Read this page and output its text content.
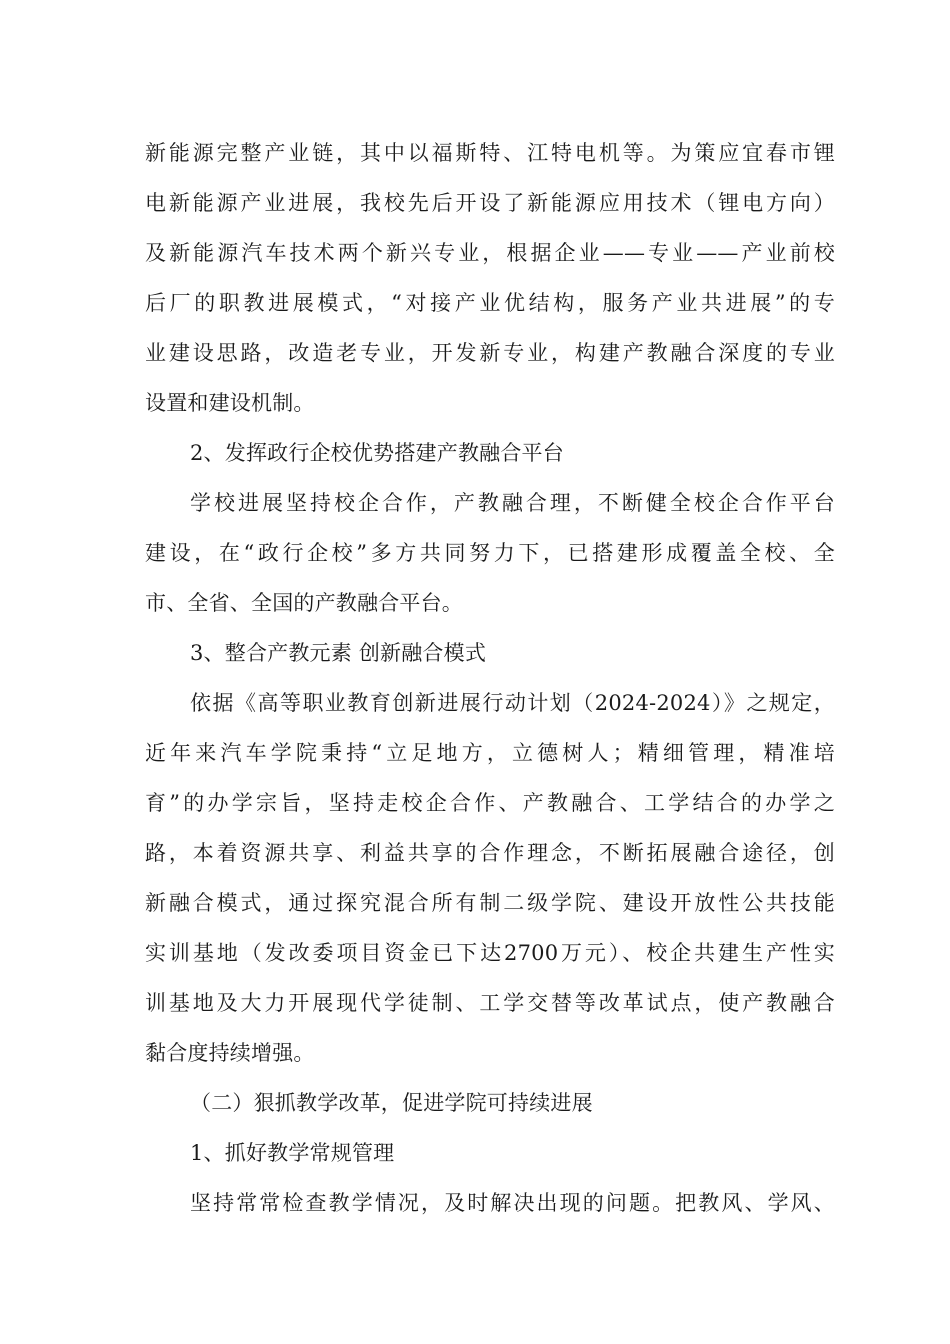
新能源完整产业链，其中以福斯特、江特电机等。为策应宜春市锂
电新能源产业进展，我校先后开设了新能源应用技术（锂电方向）
及新能源汽车技术两个新兴专业，根据企业——专业——产业前校
后厂的职教进展模式，“对接产业优结构，服务产业共进展”的专
业建设思路，改造老专业，开发新专业，构建产教融合深度的专业
设置和建设机制。
2、发挥政行企校优势搭建产教融合平台
学校进展坚持校企合作，产教融合理，不断健全校企合作平台
建设，在“政行企校”多方共同努力下，已搭建形成覆盖全校、全
市、全省、全国的产教融合平台。
3、整合产教元素 创新融合模式
依据《高等职业教育创新进展行动计划（2024-2024）》之规定，
近年来汽车学院秉持“立足地方，立德树人；精细管理，精准培
育”的办学宗旨，坚持走校企合作、产教融合、工学结合的办学之
路，本着资源共享、利益共享的合作理念，不断拓展融合途径，创
新融合模式，通过探究混合所有制二级学院、建设开放性公共技能
实训基地（发改委项目资金已下达2700万元）、校企共建生产性实
训基地及大力开展现代学徒制、工学交替等改革试点，使产教融合
黏合度持续增强。
（二）狠抓教学改革，促进学院可持续进展
1、抓好教学常规管理
坚持常常检查教学情况，及时解决出现的问题。把教风、学风、
